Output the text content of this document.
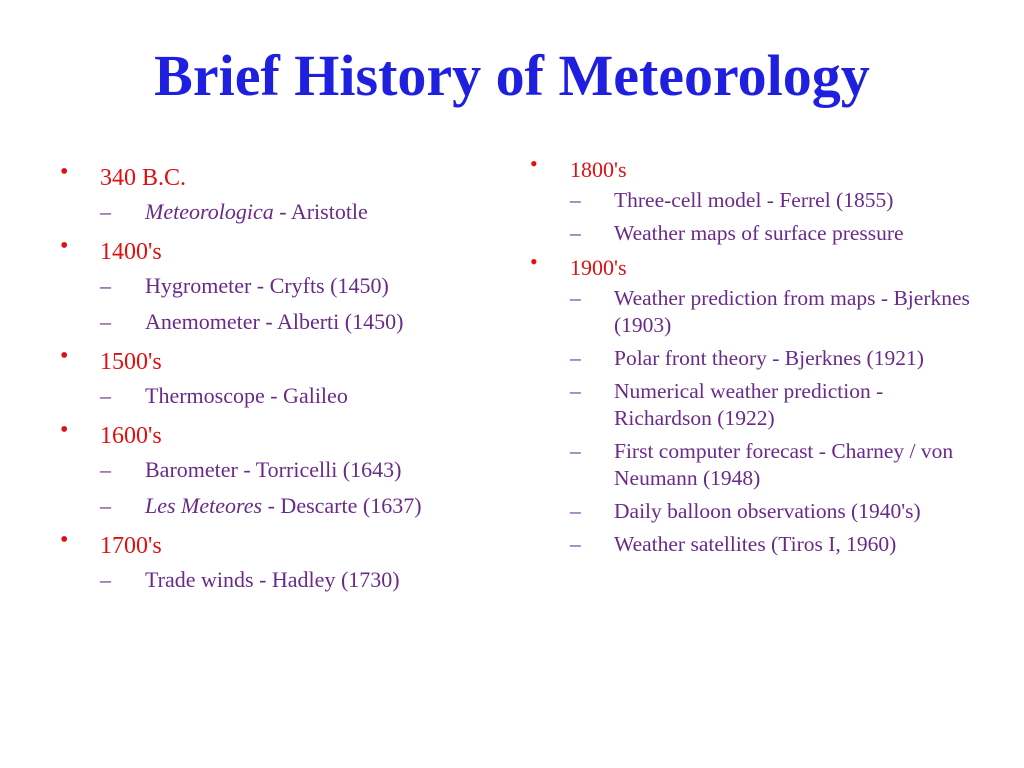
Brief History of Meteorology
• 340 B.C.
– Meteorologica - Aristotle
• 1400's
– Hygrometer - Cryfts (1450)
– Anemometer - Alberti (1450)
• 1500's
– Thermoscope - Galileo
• 1600's
– Barometer - Torricelli (1643)
– Les Meteores - Descarte (1637)
• 1700's
– Trade winds - Hadley (1730)
• 1800's
– Three-cell model - Ferrel (1855)
– Weather maps of surface pressure
• 1900's
– Weather prediction from maps - Bjerknes (1903)
– Polar front theory - Bjerknes (1921)
– Numerical weather prediction - Richardson (1922)
– First computer forecast - Charney / von Neumann (1948)
– Daily balloon observations (1940's)
– Weather satellites (Tiros I, 1960)
